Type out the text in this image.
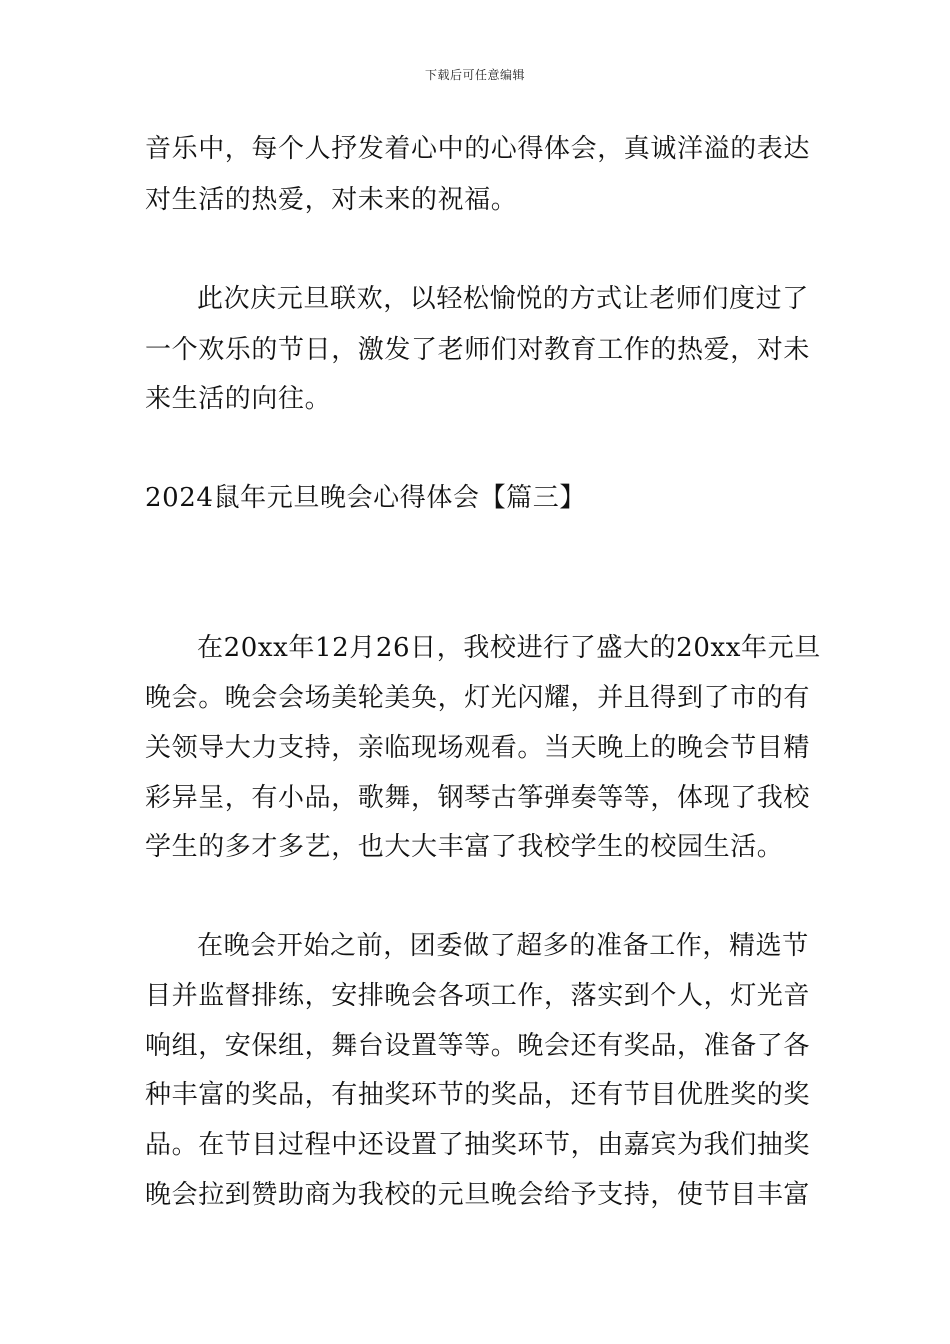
下载后可任意编辑
音乐中，每个人抒发着心中的心得体会，真诚洋溢的表达
对生活的热爱，对未来的祝福。
此次庆元旦联欢，以轻松愉悦的方式让老师们度过了
一个欢乐的节日，激发了老师们对教育工作的热爱，对未
来生活的向往。
2024鼠年元旦晚会心得体会【篇三】
在20xx年12月26日，我校进行了盛大的20xx年元旦
晚会。晚会会场美轮美奂，灯光闪耀，并且得到了市的有
关领导大力支持，亲临现场观看。当天晚上的晚会节目精
彩异呈，有小品，歌舞，钢琴古筝弹奏等等，体现了我校
学生的多才多艺，也大大丰富了我校学生的校园生活。
在晚会开始之前，团委做了超多的准备工作，精选节
目并监督排练，安排晚会各项工作，落实到个人，灯光音
响组，安保组，舞台设置等等。晚会还有奖品，准备了各
种丰富的奖品，有抽奖环节的奖品，还有节目优胜奖的奖
品。在节目过程中还设置了抽奖环节，由嘉宾为我们抽奖
晚会拉到赞助商为我校的元旦晚会给予支持，使节目丰富
